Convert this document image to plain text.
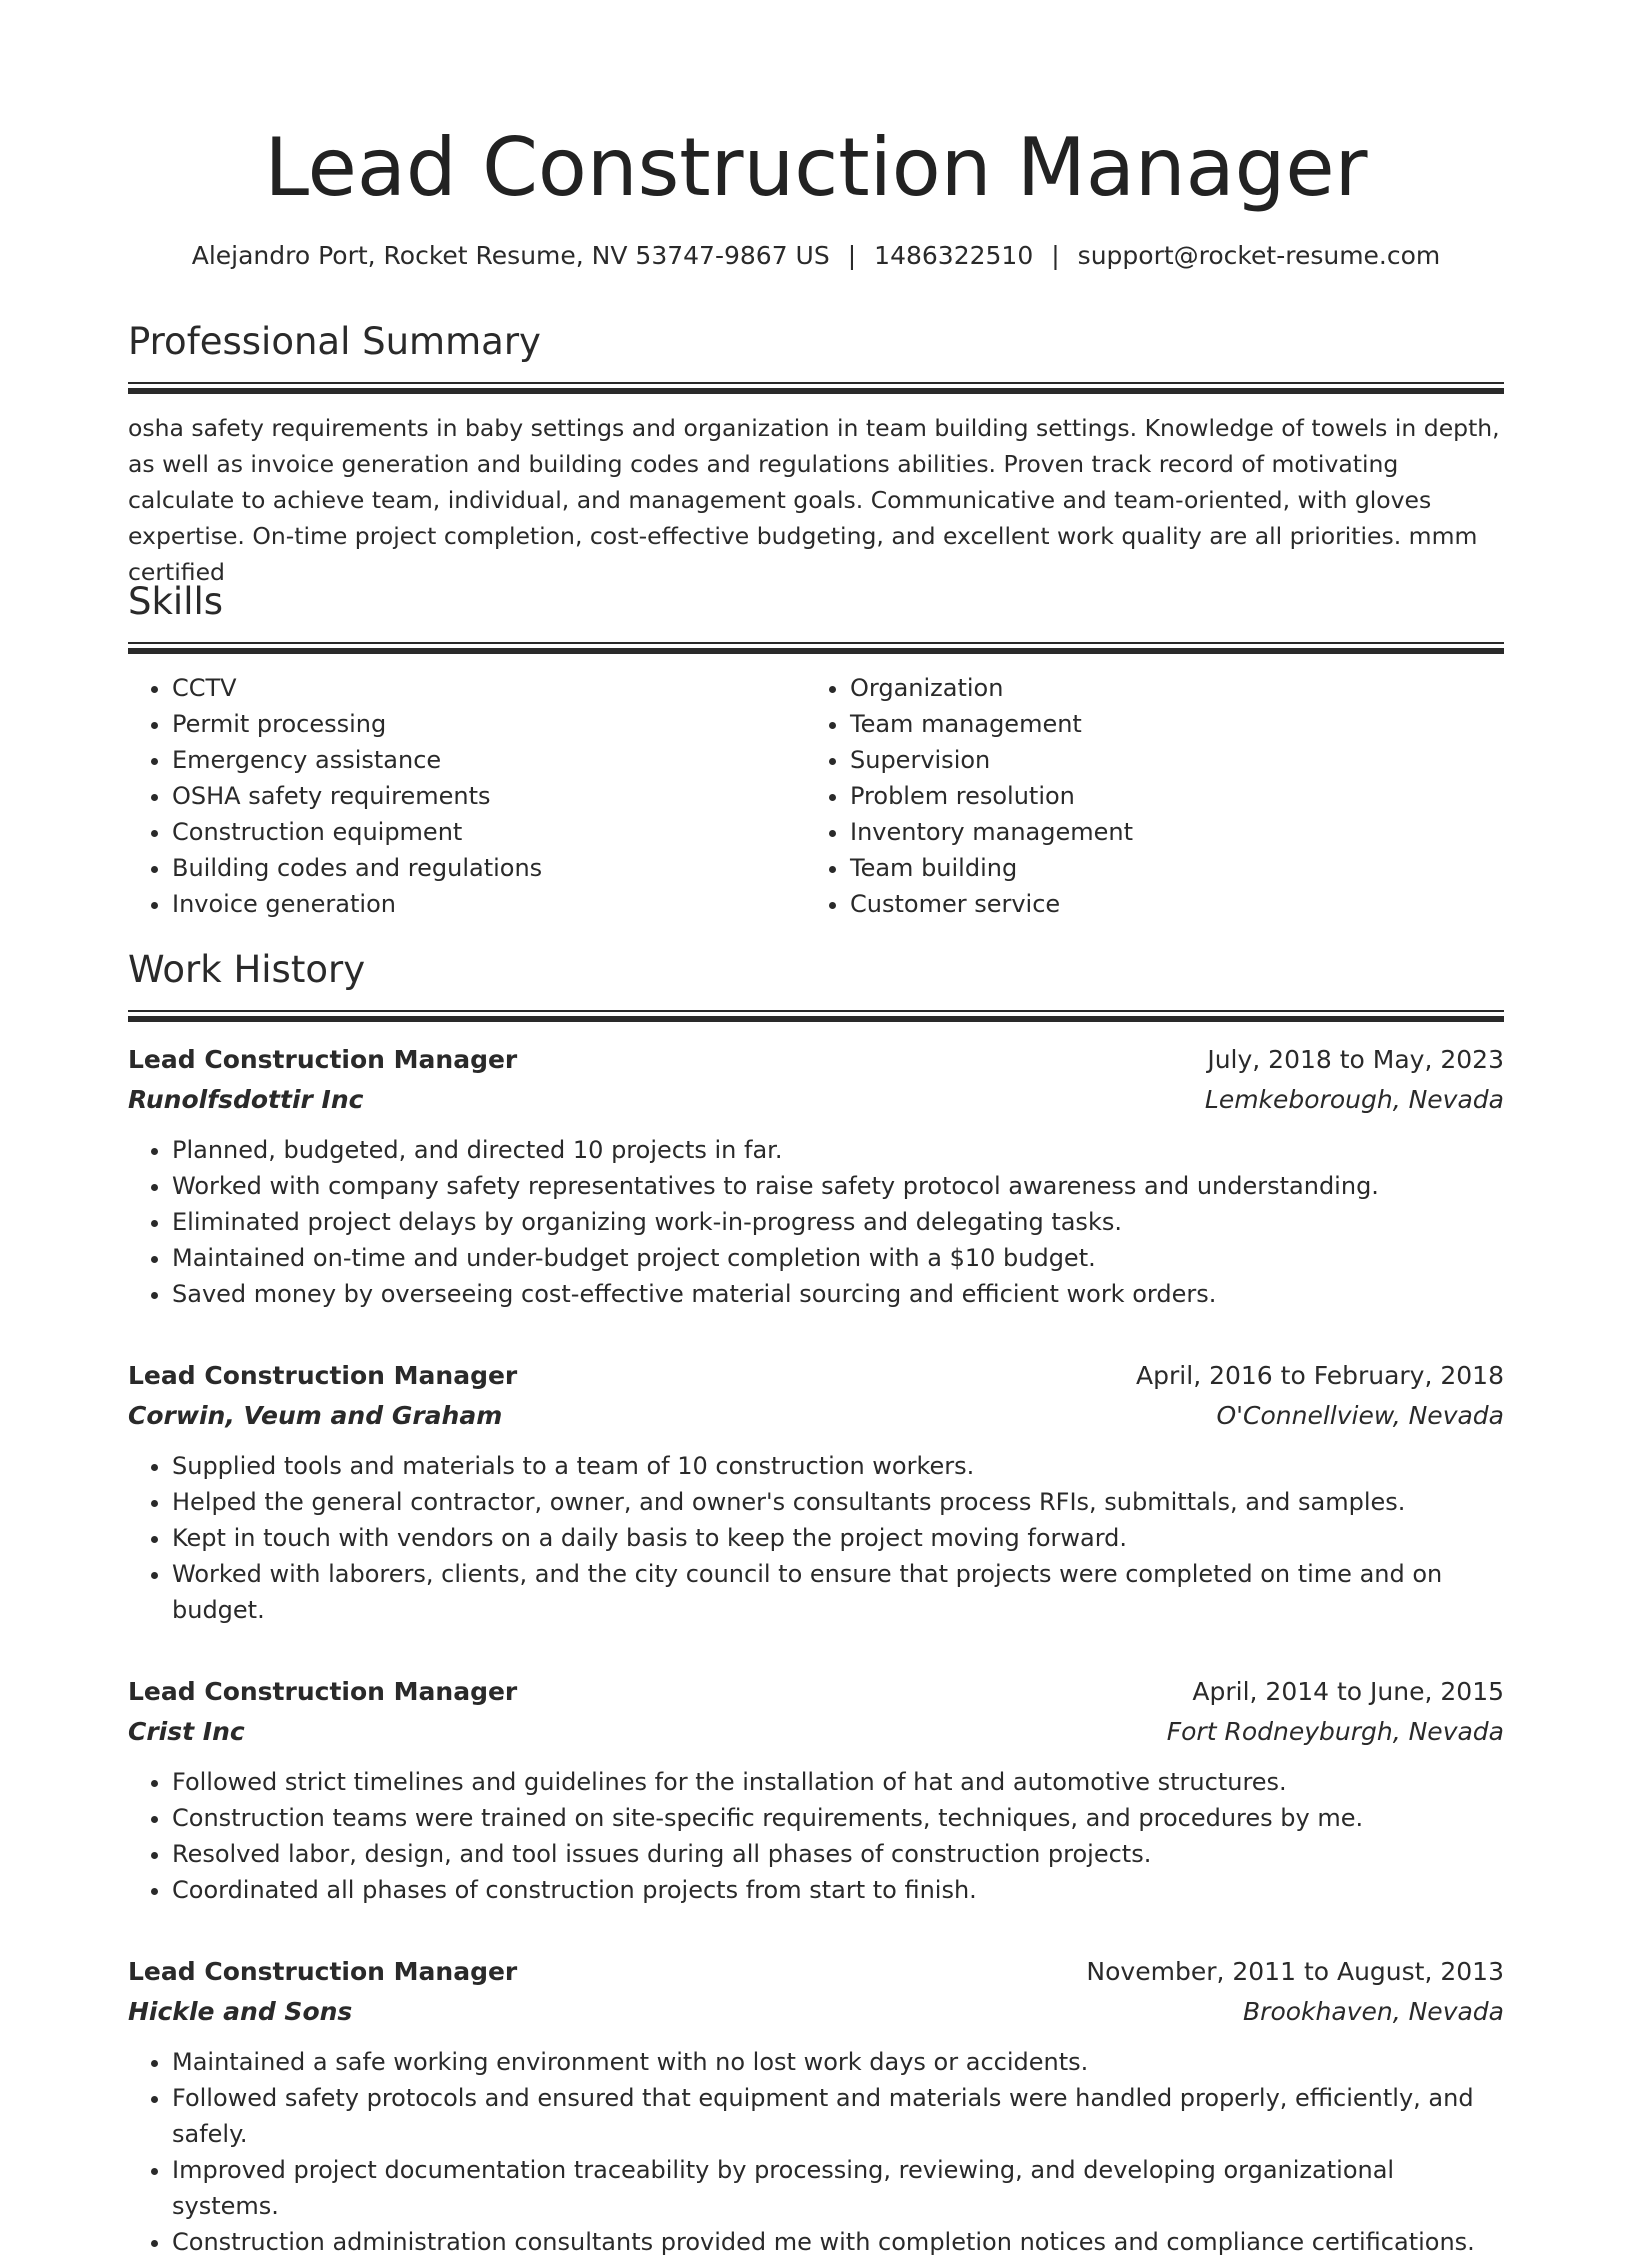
Lead Construction Manager
Alejandro Port, Rocket Resume, NV 53747-9867 US | 1486322510 | support@rocket-resume.com
Professional Summary

osha safety requirements in baby settings and organization in team building settings. Knowledge of towels in depth, as well as invoice generation and building codes and regulations abilities. Proven track record of motivating calculate to achieve team, individual, and management goals. Communicative and team-oriented, with gloves expertise. On-time project completion, cost-effective budgeting, and excellent work quality are all priorities. mmm certified

Skills
• CCTV
• Permit processing
• Emergency assistance
• OSHA safety requirements
• Construction equipment
• Building codes and regulations
• Invoice generation
• Organization
• Team management
• Supervision
• Problem resolution
• Inventory management
• Team building
• Customer service
Work History
Lead Construction Manager	July, 2018 to May, 2023
Runolfsdottir Inc	Lemkeborough, Nevada
• Planned, budgeted, and directed 10 projects in far.
• Worked with company safety representatives to raise safety protocol awareness and understanding.
• Eliminated project delays by organizing work-in-progress and delegating tasks.
• Maintained on-time and under-budget project completion with a $10 budget.
• Saved money by overseeing cost-effective material sourcing and efficient work orders.
Lead Construction Manager	April, 2016 to February, 2018
Corwin, Veum and Graham	O'Connellview, Nevada
• Supplied tools and materials to a team of 10 construction workers.
• Helped the general contractor, owner, and owner's consultants process RFIs, submittals, and samples.
• Kept in touch with vendors on a daily basis to keep the project moving forward.
• Worked with laborers, clients, and the city council to ensure that projects were completed on time and on budget.
Lead Construction Manager	April, 2014 to June, 2015
Crist Inc	Fort Rodneyburgh, Nevada
• Followed strict timelines and guidelines for the installation of hat and automotive structures.
• Construction teams were trained on site-specific requirements, techniques, and procedures by me.
• Resolved labor, design, and tool issues during all phases of construction projects.
• Coordinated all phases of construction projects from start to finish.
Lead Construction Manager	November, 2011 to August, 2013
Hickle and Sons	Brookhaven, Nevada
• Maintained a safe working environment with no lost work days or accidents.
• Followed safety protocols and ensured that equipment and materials were handled properly, efficiently, and safely.
• Improved project documentation traceability by processing, reviewing, and developing organizational systems.
• Construction administration consultants provided me with completion notices and compliance certifications.
